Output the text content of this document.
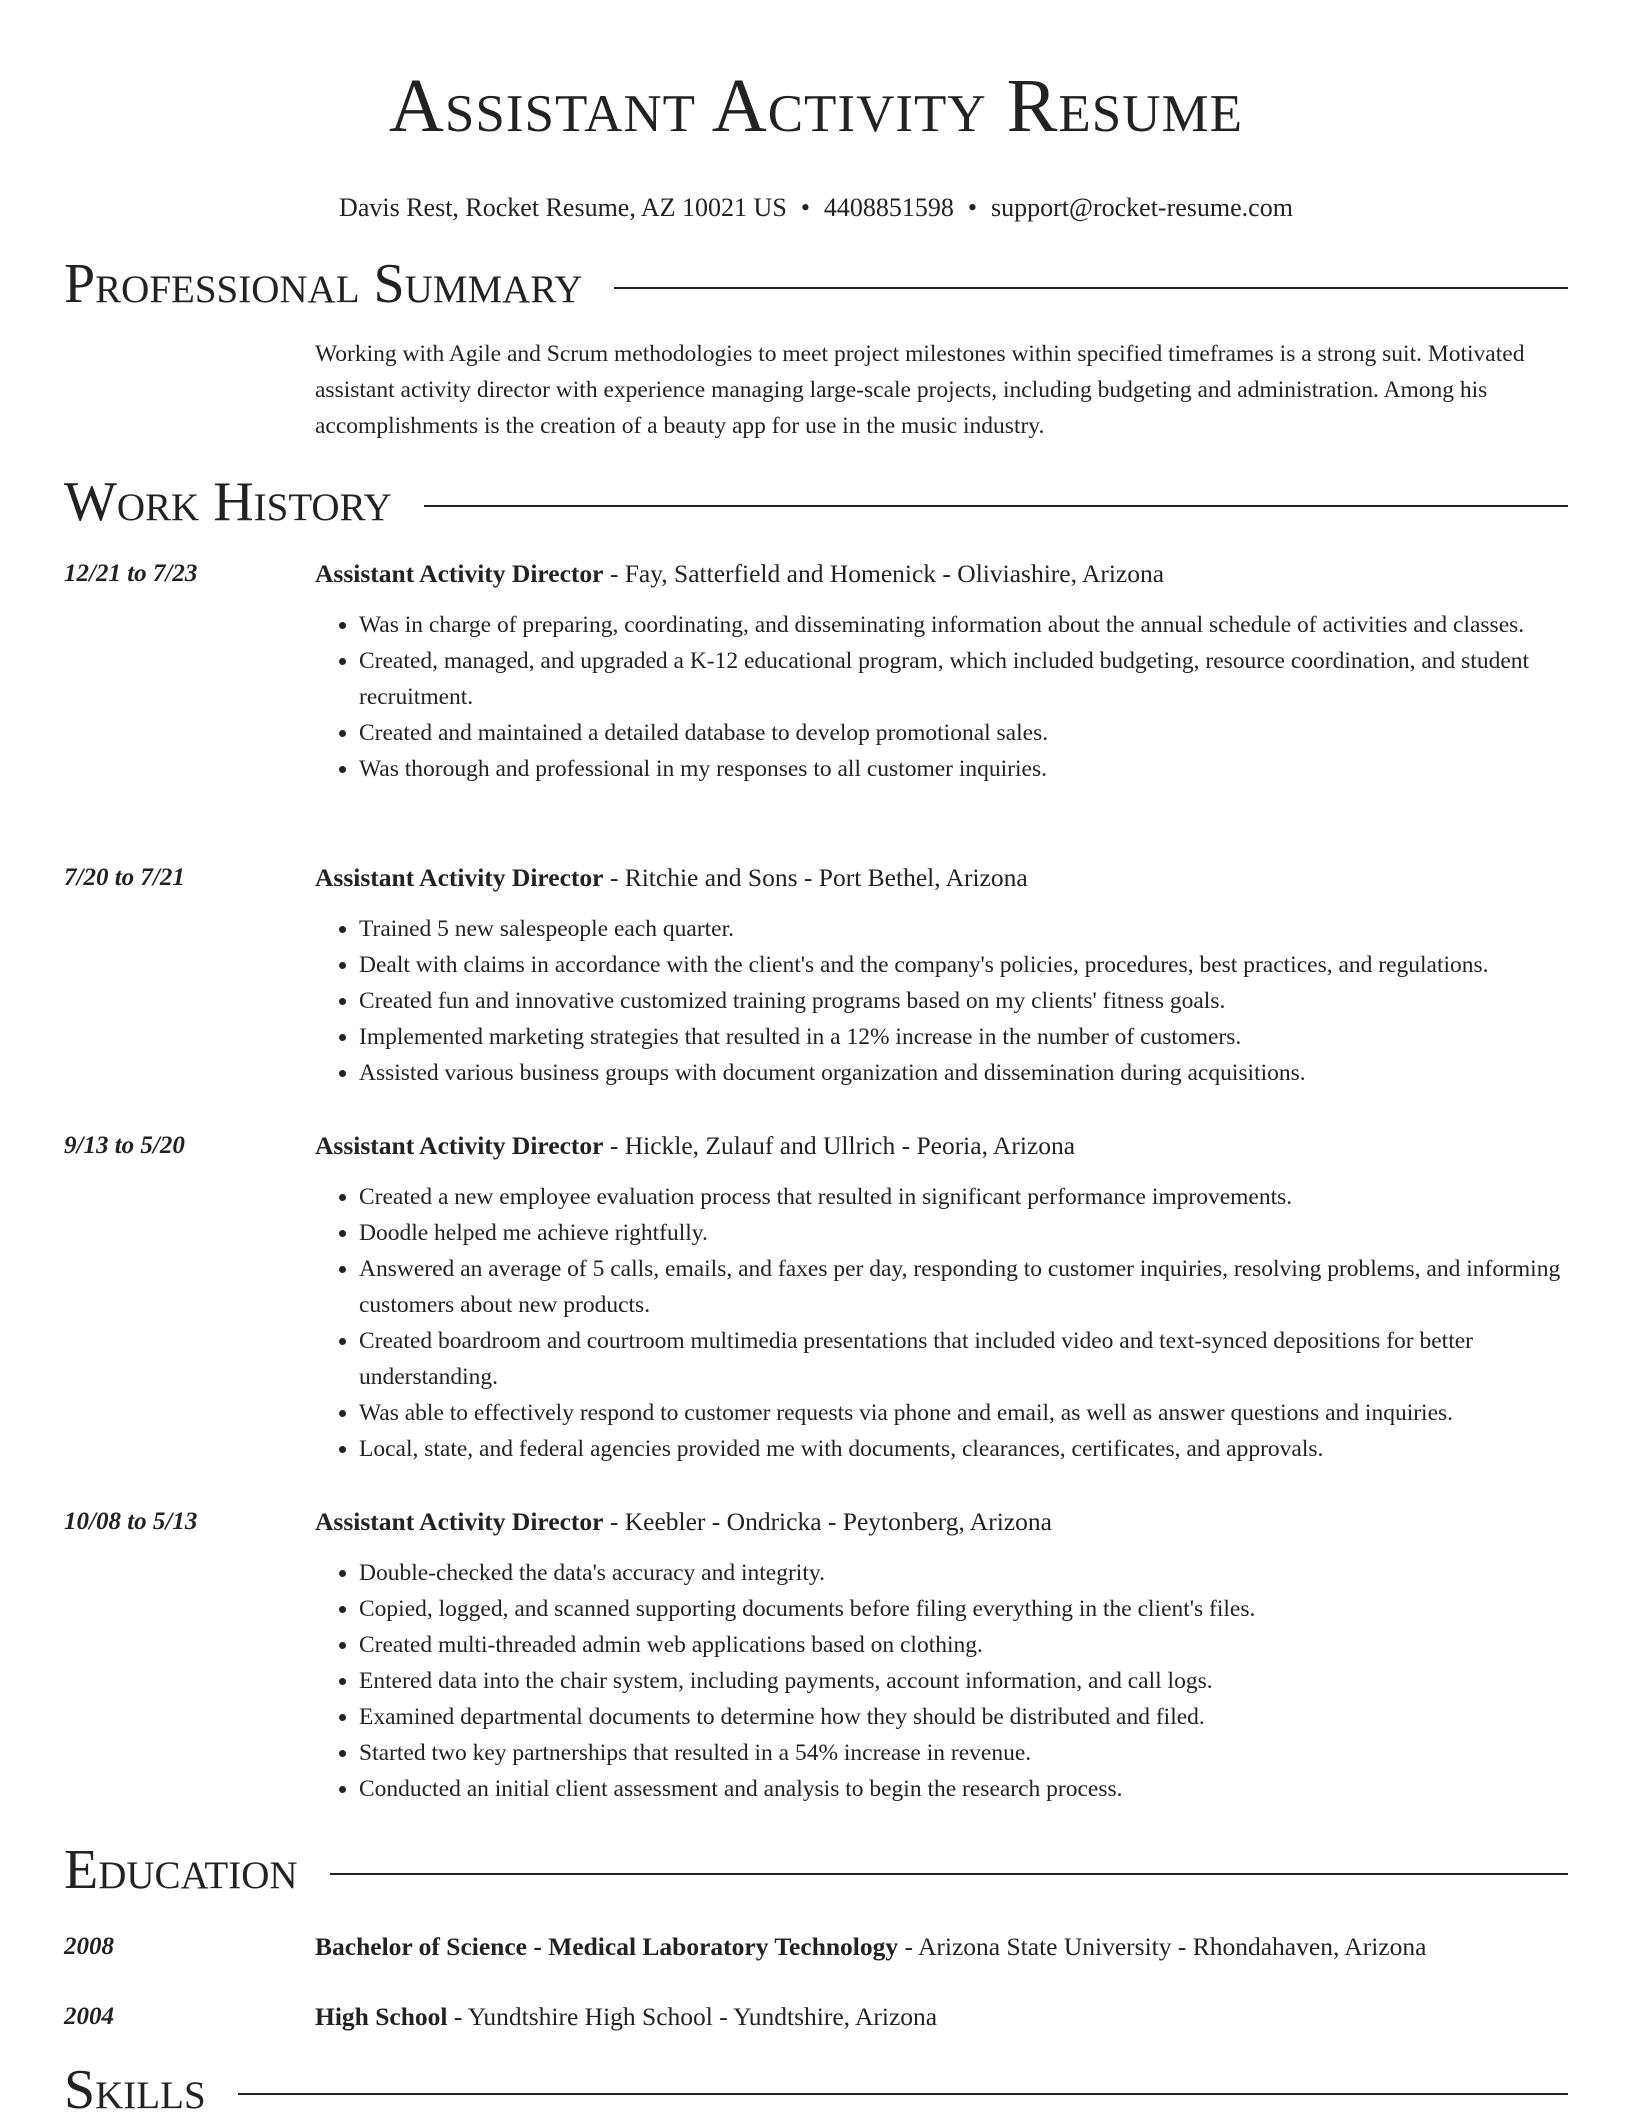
Assistant Activity Resume
Davis Rest, Rocket Resume, AZ 10021 US • 4408851598 • support@rocket-resume.com
Professional Summary
Working with Agile and Scrum methodologies to meet project milestones within specified timeframes is a strong suit. Motivated assistant activity director with experience managing large-scale projects, including budgeting and administration. Among his accomplishments is the creation of a beauty app for use in the music industry.
Work History
12/21 to 7/23	Assistant Activity Director - Fay, Satterfield and Homenick - Oliviashire, Arizona
• Was in charge of preparing, coordinating, and disseminating information about the annual schedule of activities and classes.
• Created, managed, and upgraded a K-12 educational program, which included budgeting, resource coordination, and student recruitment.
• Created and maintained a detailed database to develop promotional sales.
• Was thorough and professional in my responses to all customer inquiries.
7/20 to 7/21	Assistant Activity Director - Ritchie and Sons - Port Bethel, Arizona
• Trained 5 new salespeople each quarter.
• Dealt with claims in accordance with the client's and the company's policies, procedures, best practices, and regulations.
• Created fun and innovative customized training programs based on my clients' fitness goals.
• Implemented marketing strategies that resulted in a 12% increase in the number of customers.
• Assisted various business groups with document organization and dissemination during acquisitions.
9/13 to 5/20	Assistant Activity Director - Hickle, Zulauf and Ullrich - Peoria, Arizona
• Created a new employee evaluation process that resulted in significant performance improvements.
• Doodle helped me achieve rightfully.
• Answered an average of 5 calls, emails, and faxes per day, responding to customer inquiries, resolving problems, and informing customers about new products.
• Created boardroom and courtroom multimedia presentations that included video and text-synced depositions for better understanding.
• Was able to effectively respond to customer requests via phone and email, as well as answer questions and inquiries.
• Local, state, and federal agencies provided me with documents, clearances, certificates, and approvals.
10/08 to 5/13	Assistant Activity Director - Keebler - Ondricka - Peytonberg, Arizona
• Double-checked the data's accuracy and integrity.
• Copied, logged, and scanned supporting documents before filing everything in the client's files.
• Created multi-threaded admin web applications based on clothing.
• Entered data into the chair system, including payments, account information, and call logs.
• Examined departmental documents to determine how they should be distributed and filed.
• Started two key partnerships that resulted in a 54% increase in revenue.
• Conducted an initial client assessment and analysis to begin the research process.
Education
2008	Bachelor of Science - Medical Laboratory Technology - Arizona State University - Rhondahaven, Arizona
2004	High School - Yundtshire High School - Yundtshire, Arizona
Skills
